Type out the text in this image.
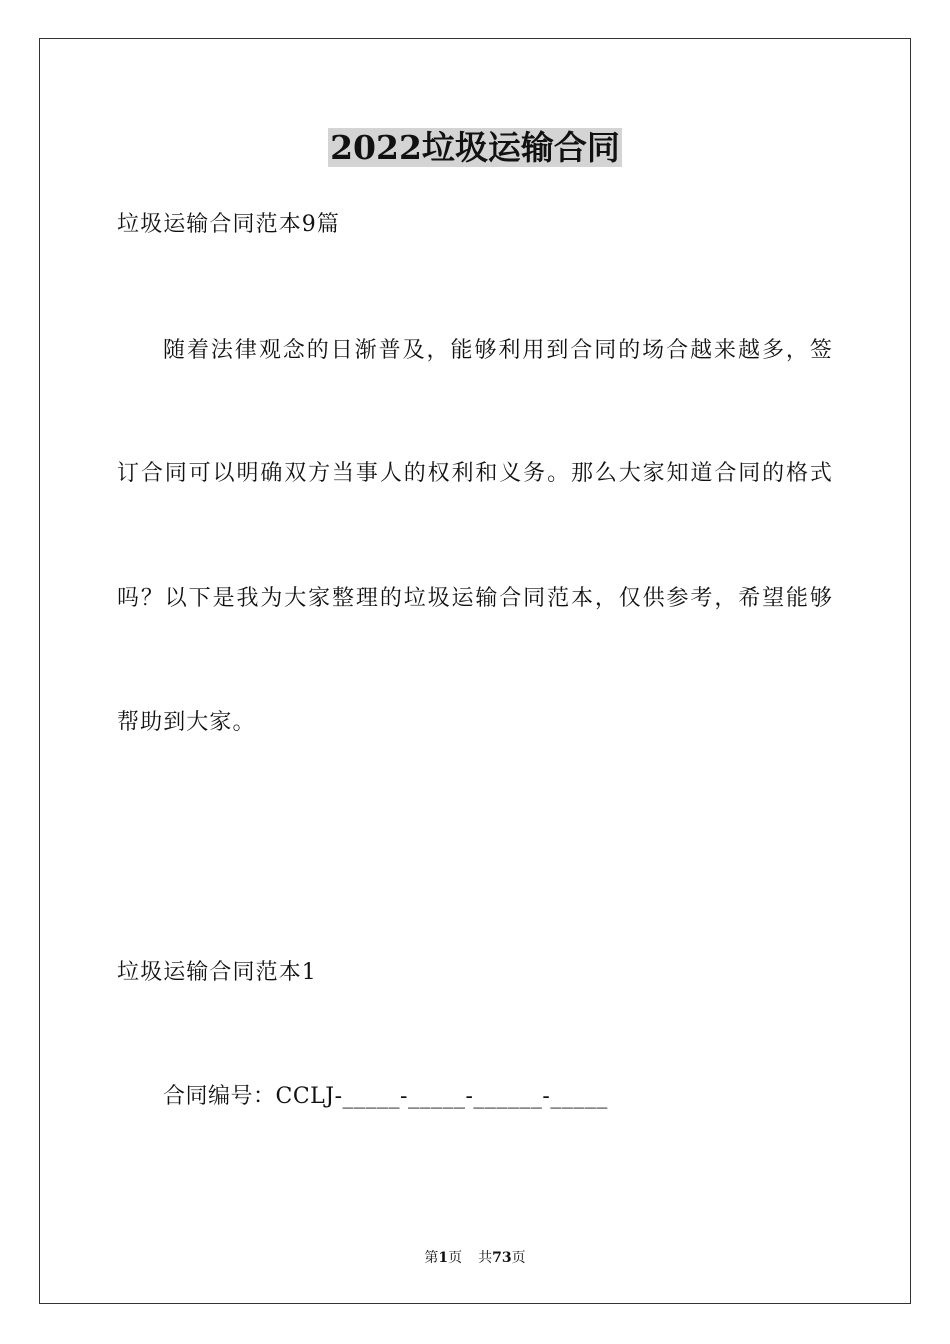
2022垃圾运输合同
垃圾运输合同范本9篇
随着法律观念的日渐普及，能够利用到合同的场合越来越多，签
订合同可以明确双方当事人的权利和义务。那么大家知道合同的格式
吗？以下是我为大家整理的垃圾运输合同范本，仅供参考，希望能够
帮助到大家。
垃圾运输合同范本1
合同编号：CCLJ-_____-_____-______-_____
第1页 共73页
